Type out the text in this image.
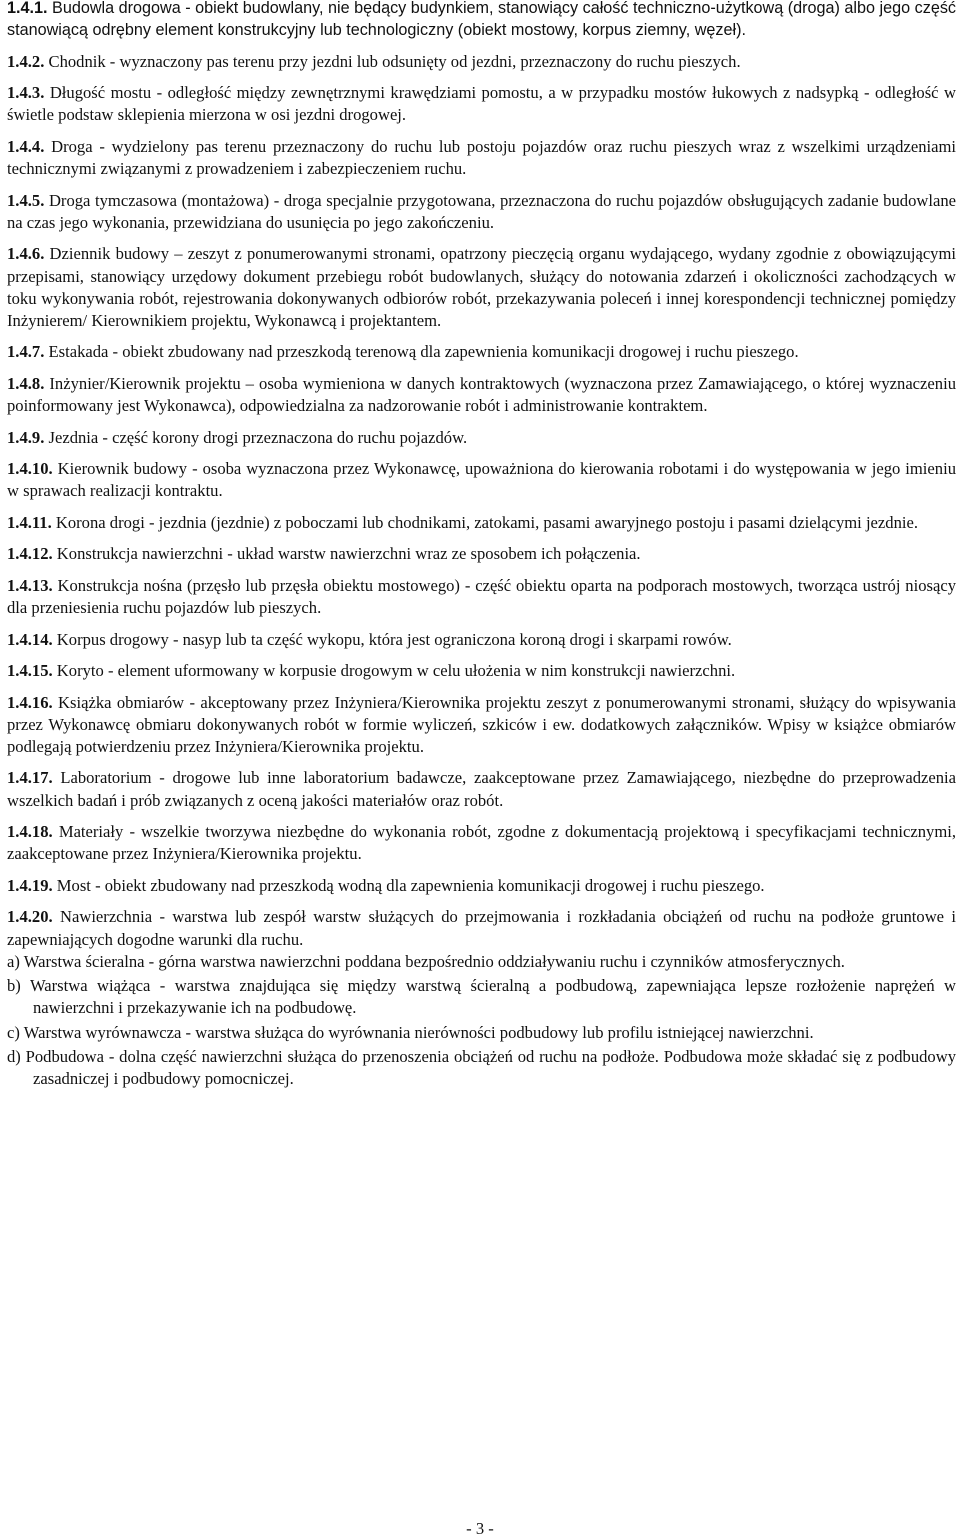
1.4.1. Budowla drogowa - obiekt budowlany, nie będący budynkiem, stanowiący całość techniczno-użytkową (droga) albo jego część stanowiącą odrębny element konstrukcyjny lub technologiczny (obiekt mostowy, korpus ziemny, węzeł).

1.4.2. Chodnik - wyznaczony pas terenu przy jezdni lub odsunięty od jezdni, przeznaczony do ruchu pieszych.

1.4.3. Długość mostu - odległość między zewnętrznymi krawędziami pomostu, a w przypadku mostów łukowych z nadsypką - odległość w świetle podstaw sklepienia mierzona w osi jezdni drogowej.

1.4.4. Droga - wydzielony pas terenu przeznaczony do ruchu lub postoju pojazdów oraz ruchu pieszych wraz z wszelkimi urządzeniami technicznymi związanymi z prowadzeniem i zabezpieczeniem ruchu.

1.4.5. Droga tymczasowa (montażowa) - droga specjalnie przygotowana, przeznaczona do ruchu pojazdów obsługujących zadanie budowlane na czas jego wykonania, przewidziana do usunięcia po jego zakończeniu.

1.4.6. Dziennik budowy – zeszyt z ponumerowanymi stronami, opatrzony pieczęcią organu wydającego, wydany zgodnie z obowiązującymi przepisami, stanowiący urzędowy dokument przebiegu robót budowlanych, służący do notowania zdarzeń i okoliczności zachodzących w toku wykonywania robót, rejestrowania dokonywanych odbiorów robót, przekazywania poleceń i innej korespondencji technicznej pomiędzy Inżynierem/ Kierownikiem projektu, Wykonawcą i projektantem.

1.4.7. Estakada - obiekt zbudowany nad przeszkodą terenową dla zapewnienia komunikacji drogowej i ruchu pieszego.

1.4.8. Inżynier/Kierownik projektu – osoba wymieniona w danych kontraktowych (wyznaczona przez Zamawiającego, o której wyznaczeniu poinformowany jest Wykonawca), odpowiedzialna za nadzorowanie robót i administrowanie kontraktem.

1.4.9. Jezdnia - część korony drogi przeznaczona do ruchu pojazdów.

1.4.10. Kierownik budowy - osoba wyznaczona przez Wykonawcę, upoważniona do kierowania robotami i do występowania w jego imieniu w sprawach realizacji kontraktu.

1.4.11. Korona drogi - jezdnia (jezdnie) z poboczami lub chodnikami, zatokami, pasami awaryjnego postoju i pasami dzielącymi jezdnie.

1.4.12. Konstrukcja nawierzchni - układ warstw nawierzchni wraz ze sposobem ich połączenia.

1.4.13. Konstrukcja nośna (przęsło lub przęsła obiektu mostowego) - część obiektu oparta na podporach mostowych, tworząca ustrój niosący dla przeniesienia ruchu pojazdów lub pieszych.

1.4.14. Korpus drogowy - nasyp lub ta część wykopu, która jest ograniczona koroną drogi i skarpami rowów.

1.4.15. Koryto - element uformowany w korpusie drogowym w celu ułożenia w nim konstrukcji nawierzchni.

1.4.16. Książka obmiarów - akceptowany przez Inżyniera/Kierownika projektu zeszyt z ponumerowanymi stronami, służący do wpisywania przez Wykonawcę obmiaru dokonywanych robót w formie wyliczeń, szkiców i ew. dodatkowych załączników. Wpisy w książce obmiarów podlegają potwierdzeniu przez Inżyniera/Kierownika projektu.

1.4.17. Laboratorium - drogowe lub inne laboratorium badawcze, zaakceptowane przez Zamawiającego, niezbędne do przeprowadzenia wszelkich badań i prób związanych z oceną jakości materiałów oraz robót.

1.4.18. Materiały - wszelkie tworzywa niezbędne do wykonania robót, zgodne z dokumentacją projektową i specyfikacjami technicznymi, zaakceptowane przez Inżyniera/Kierownika projektu.

1.4.19. Most - obiekt zbudowany nad przeszkodą wodną dla zapewnienia komunikacji drogowej i ruchu pieszego.

1.4.20. Nawierzchnia - warstwa lub zespół warstw służących do przejmowania i rozkładania obciążeń od ruchu na podłoże gruntowe i zapewniających dogodne warunki dla ruchu.

a) Warstwa ścieralna - górna warstwa nawierzchni poddana bezpośrednio oddziaływaniu ruchu i czynników atmosferycznych.

b) Warstwa wiążąca - warstwa znajdująca się między warstwą ścieralną a podbudową, zapewniająca lepsze rozłożenie naprężeń w nawierzchni i przekazywanie ich na podbudowę.

c) Warstwa wyrównawcza - warstwa służąca do wyrównania nierówności podbudowy lub profilu istniejącej nawierzchni.

d) Podbudowa - dolna część nawierzchni służąca do przenoszenia obciążeń od ruchu na podłoże. Podbudowa może składać się z podbudowy zasadniczej i podbudowy pomocniczej.

- 3 -
